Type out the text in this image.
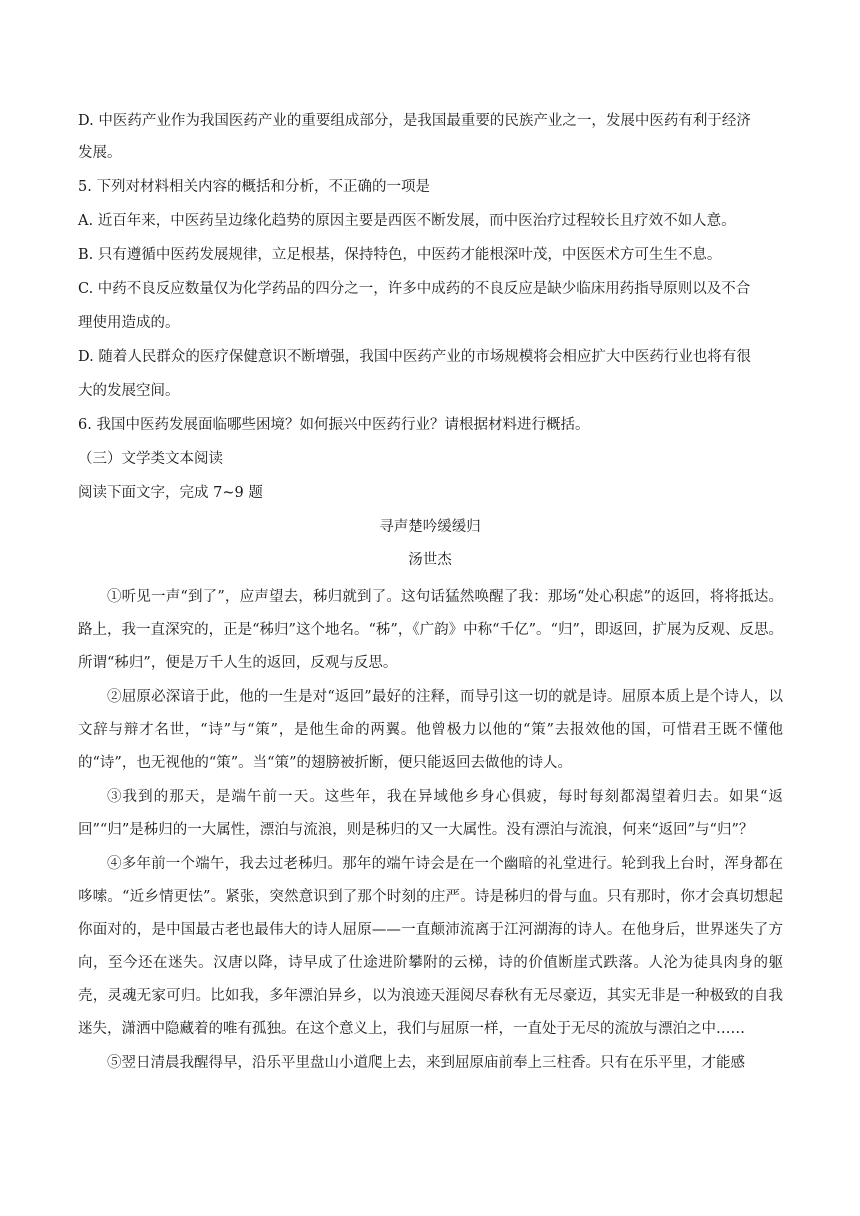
D. 中医药产业作为我国医药产业的重要组成部分，是我国最重要的民族产业之一，发展中医药有利于经济
发展。
5. 下列对材料相关内容的概括和分析，不正确的一项是
A. 近百年来，中医药呈边缘化趋势的原因主要是西医不断发展，而中医治疗过程较长且疗效不如人意。
B. 只有遵循中医药发展规律，立足根基，保持特色，中医药才能根深叶茂，中医医术方可生生不息。
C. 中药不良反应数量仅为化学药品的四分之一，许多中成药的不良反应是缺少临床用药指导原则以及不合
理使用造成的。
D. 随着人民群众的医疗保健意识不断增强，我国中医药产业的市场规模将会相应扩大中医药行业也将有很
大的发展空间。
6. 我国中医药发展面临哪些困境？如何振兴中医药行业？请根据材料进行概括。
（三）文学类文本阅读
阅读下面文字，完成 7~9 题
寻声楚吟缓缓归
汤世杰
①听见一声“到了”，应声望去，秭归就到了。这句话猛然唤醒了我：那场“处心积虑”的返回，将将抵达。路上，我一直深究的，正是“秭归”这个地名。“秭”，《广韵》中称“千亿”。“归”，即返回，扩展为反观、反思。所谓“秭归”，便是万千人生的返回，反观与反思。
②屈原必深谙于此，他的一生是对“返回”最好的注释，而导引这一切的就是诗。屈原本质上是个诗人，以文辞与辩才名世，“诗”与“策”，是他生命的两翼。他曾极力以他的“策”去报效他的国，可惜君王既不懂他的“诗”，也无视他的“策”。当“策”的翅膀被折断，便只能返回去做他的诗人。
③我到的那天，是端午前一天。这些年，我在异域他乡身心俱疲，每时每刻都渴望着归去。如果“返回”“归”是秭归的一大属性，漂泊与流浪，则是秭归的又一大属性。没有漂泊与流浪，何来“返回”与“归”？
④多年前一个端午，我去过老秭归。那年的端午诗会是在一个幽暗的礼堂进行。轮到我上台时，浑身都在哆嗦。“近乡情更怯”。紧张，突然意识到了那个时刻的庄严。诗是秭归的骨与血。只有那时，你才会真切想起你面对的，是中国最古老也最伟大的诗人屈原——一直颠沛流离于江河湖海的诗人。在他身后，世界迷失了方向，至今还在迷失。汉唐以降，诗早成了仕途进阶攀附的云梯，诗的价值断崖式跌落。人沦为徒具肉身的躯壳，灵魂无家可归。比如我，多年漂泊异乡，以为浪迹天涯阅尽春秋有无尽豪迈，其实无非是一种极致的自我迷失，潇洒中隐藏着的唯有孤独。在这个意义上，我们与屈原一样，一直处于无尽的流放与漂泊之中……
⑤翌日清晨我醒得早，沿乐平里盘山小道爬上去，来到屈原庙前奉上三柱香。只有在乐平里，才能感
